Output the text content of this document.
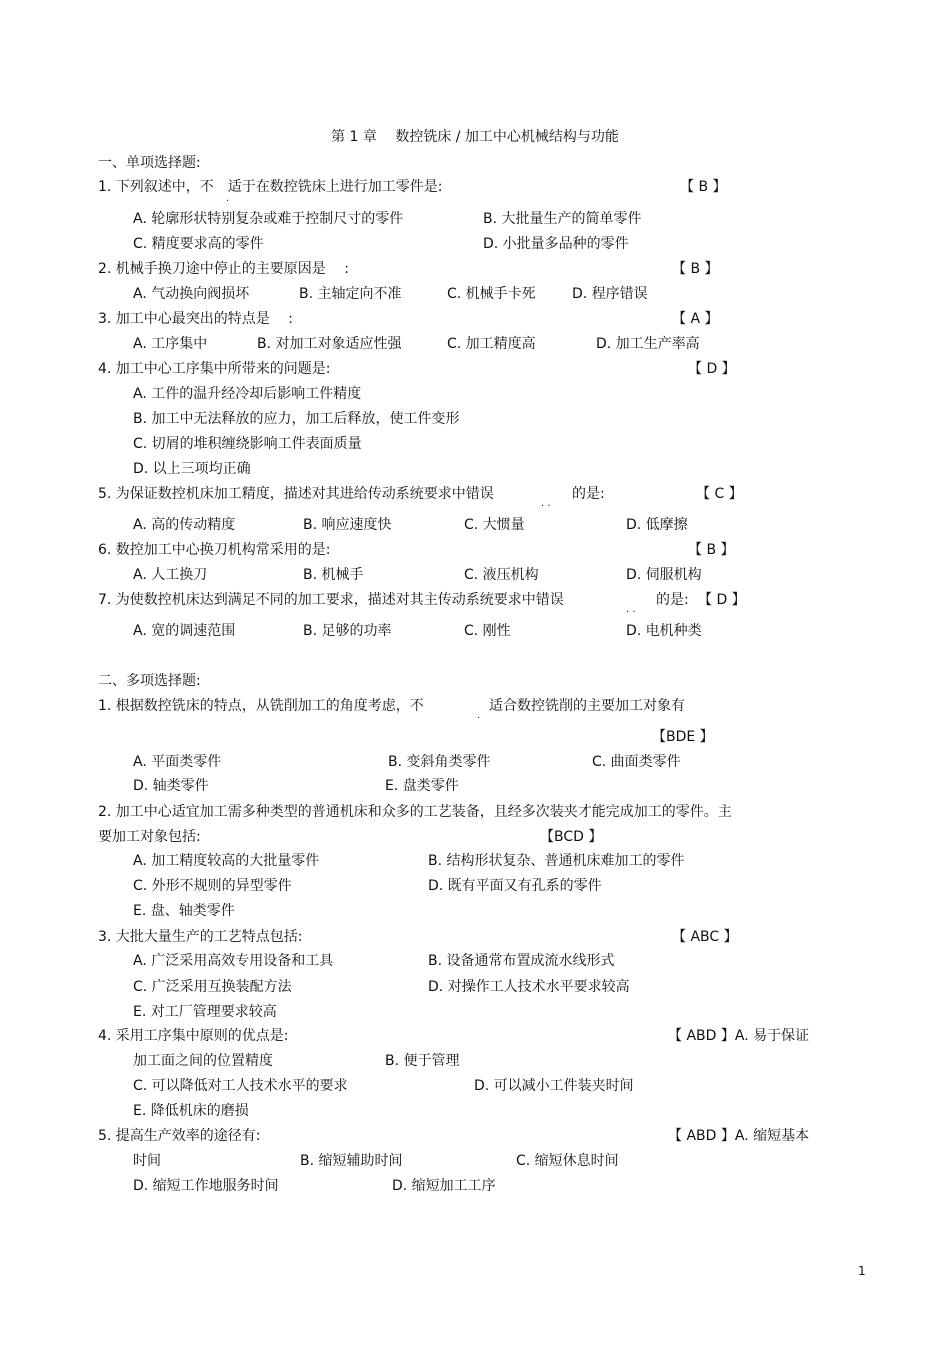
第 1 章　 数控铣床 / 加工中心机械结构与功能
一、单项选择题:
1. 下列叙述中，不　适于在数控铣床上进行加工零件是:
.
【 B 】
A. 轮廓形状特别复杂或难于控制尺寸的零件	B. 大批量生产的简单零件
C. 精度要求高的零件	D. 小批量多品种的零件
2. 机械手换刀途中停止的主要原因是　 :	【 B 】
A. 气动换向阀损坏	B. 主轴定向不准	C. 机械手卡死	D. 程序错误
3. 加工中心最突出的特点是　 :	【 A 】
A. 工序集中	B. 对加工对象适应性强	C. 加工精度高	D. 加工生产率高
4. 加工中心工序集中所带来的问题是:	【 D 】
A. 工件的温升经冷却后影响工件精度
B. 加工中无法释放的应力，加工后释放，使工件变形
C. 切屑的堆积缠绕影响工件表面质量
D. 以上三项均正确
5. 为保证数控机床加工精度，描述对其进给传动系统要求中错误
. .
的是:	【 C 】
A. 高的传动精度	B. 响应速度快	C. 大惯量	D. 低摩擦
6. 数控加工中心换刀机构常采用的是:	【 B 】
A. 人工换刀	B. 机械手	C. 液压机构	D. 伺服机构
7. 为使数控机床达到满足不同的加工要求，描述对其主传动系统要求中错误
. .
的是: 【 D 】
A. 宽的调速范围	B. 足够的功率	C. 刚性	D. 电机种类
二、多项选择题:
1. 根据数控铣床的特点，从铣削加工的角度考虑，不
.
适合数控铣削的主要加工对象有
【BDE 】
A. 平面类零件	B. 变斜角类零件	C. 曲面类零件
D. 轴类零件	E. 盘类零件
2. 加工中心适宜加工需多种类型的普通机床和众多的工艺装备，且经多次装夹才能完成加工的零件。主
要加工对象包括:	【BCD 】
A. 加工精度较高的大批量零件	B. 结构形状复杂、普通机床难加工的零件
C. 外形不规则的异型零件	D. 既有平面又有孔系的零件
E. 盘、轴类零件
3. 大批大量生产的工艺特点包括:	【 ABC 】
A. 广泛采用高效专用设备和工具	B. 设备通常布置成流水线形式
C. 广泛采用互换装配方法	D. 对操作工人技术水平要求较高
E. 对工厂管理要求较高
4. 采用工序集中原则的优点是:	【 ABD 】A. 易于保证
加工面之间的位置精度	B. 便于管理
C. 可以降低对工人技术水平的要求	D. 可以减小工件装夹时间
E. 降低机床的磨损
5. 提高生产效率的途径有:	【 ABD 】A. 缩短基本
时间	B. 缩短辅助时间	C. 缩短休息时间
D. 缩短工作地服务时间	D. 缩短加工工序
1
